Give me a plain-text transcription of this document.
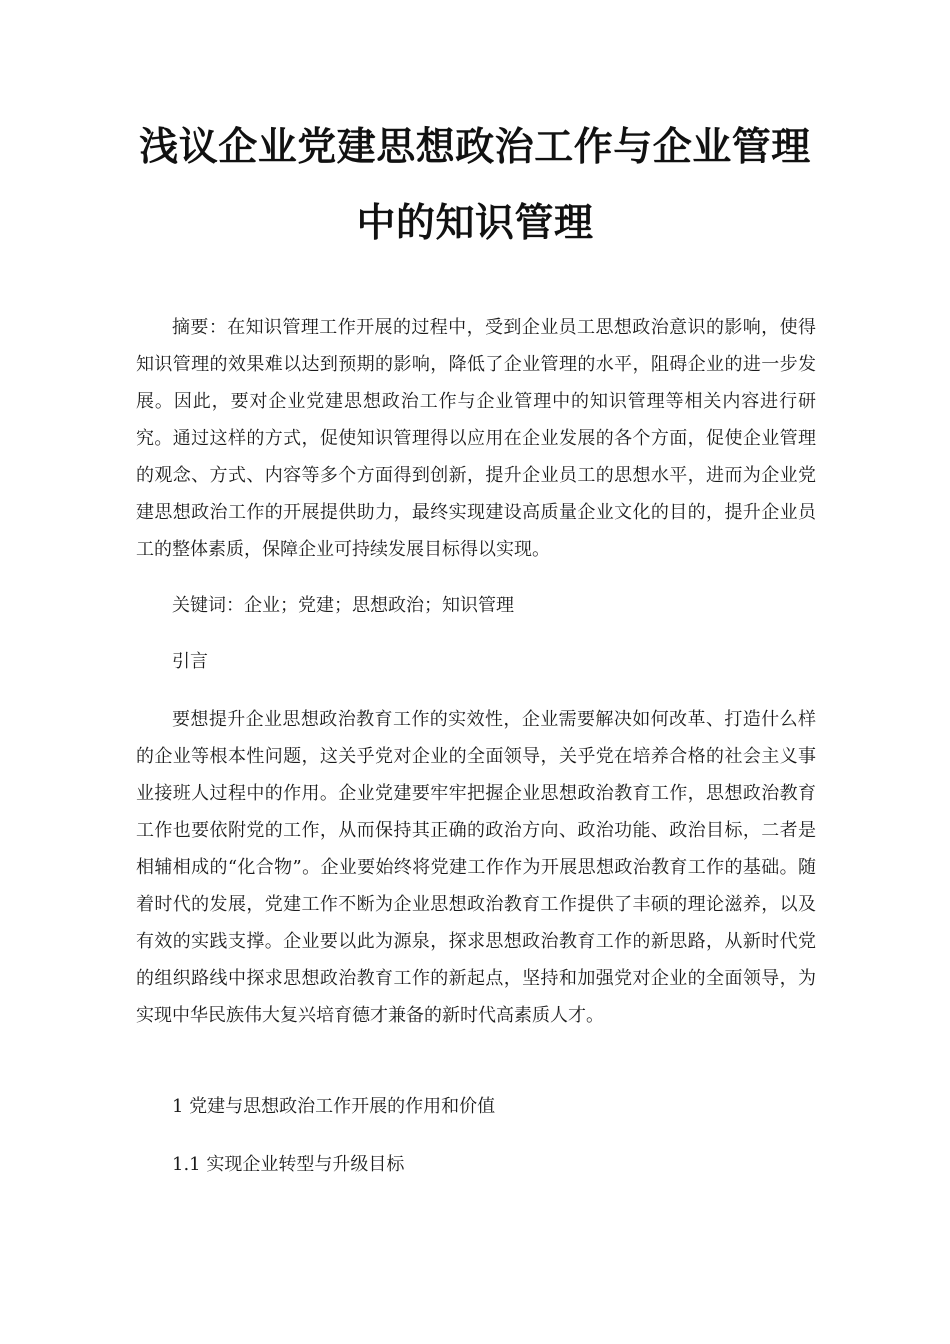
浅议企业党建思想政治工作与企业管理
中的知识管理

摘要：在知识管理工作开展的过程中，受到企业员工思想政治意识的影响，使得知识管理的效果难以达到预期的影响，降低了企业管理的水平，阻碍企业的进一步发展。因此，要对企业党建思想政治工作与企业管理中的知识管理等相关内容进行研究。通过这样的方式，促使知识管理得以应用在企业发展的各个方面，促使企业管理的观念、方式、内容等多个方面得到创新，提升企业员工的思想水平，进而为企业党建思想政治工作的开展提供助力，最终实现建设高质量企业文化的目的，提升企业员工的整体素质，保障企业可持续发展目标得以实现。

关键词：企业；党建；思想政治；知识管理

引言

要想提升企业思想政治教育工作的实效性，企业需要解决如何改革、打造什么样的企业等根本性问题，这关乎党对企业的全面领导，关乎党在培养合格的社会主义事业接班人过程中的作用。企业党建要牢牢把握企业思想政治教育工作，思想政治教育工作也要依附党的工作，从而保持其正确的政治方向、政治功能、政治目标，二者是相辅相成的“化合物”。企业要始终将党建工作作为开展思想政治教育工作的基础。随着时代的发展，党建工作不断为企业思想政治教育工作提供了丰硕的理论滋养，以及有效的实践支撑。企业要以此为源泉，探求思想政治教育工作的新思路，从新时代党的组织路线中探求思想政治教育工作的新起点，坚持和加强党对企业的全面领导，为实现中华民族伟大复兴培育德才兼备的新时代高素质人才。

1 党建与思想政治工作开展的作用和价值

1.1 实现企业转型与升级目标
